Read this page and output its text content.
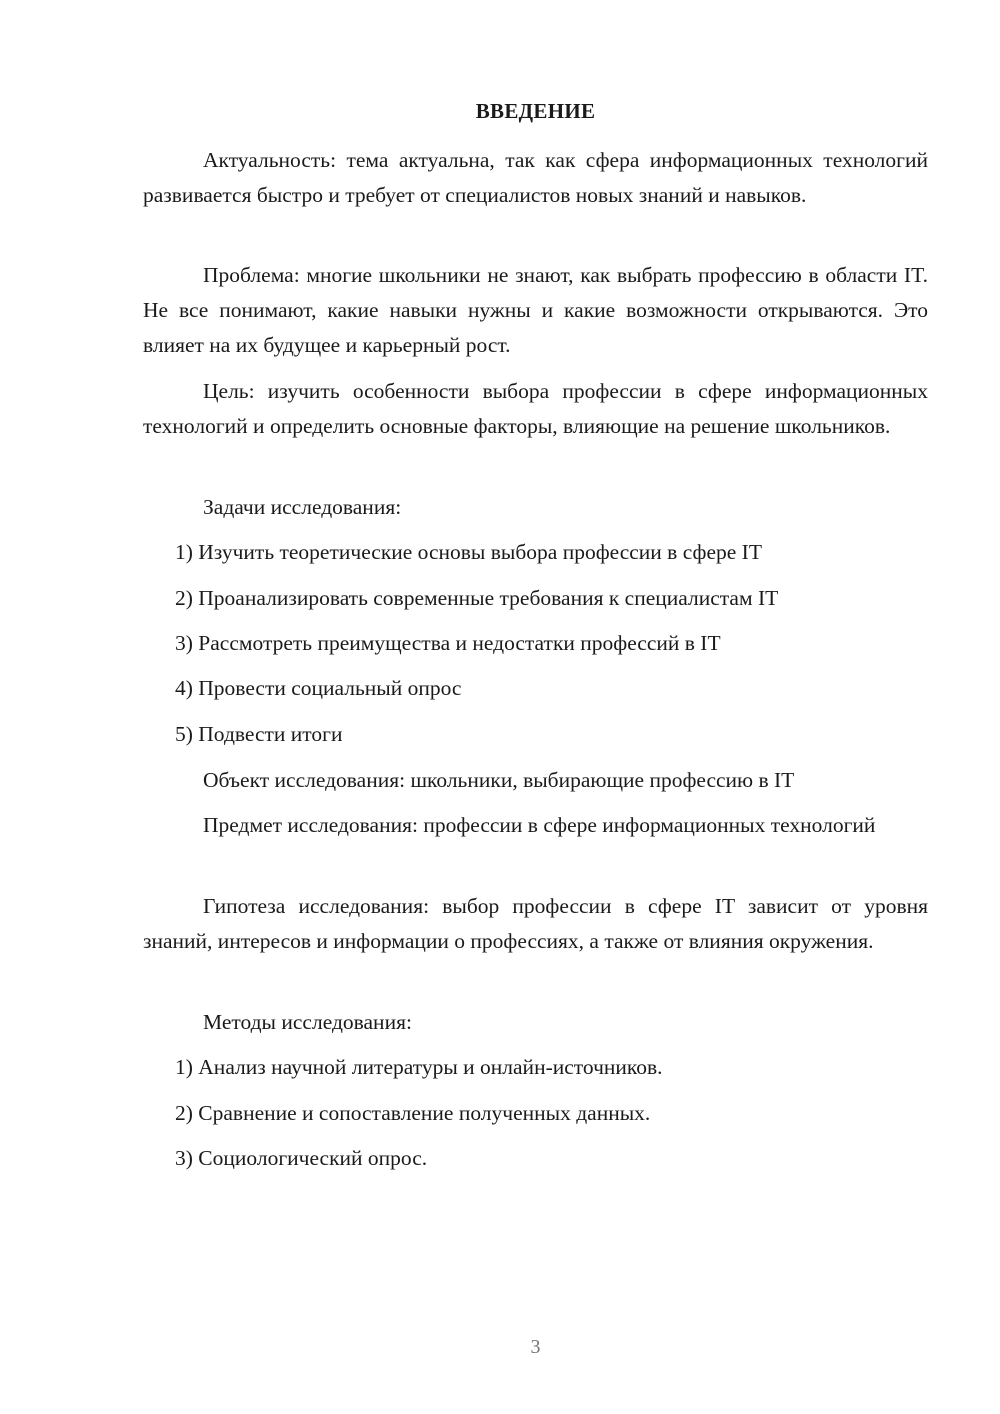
ВВЕДЕНИЕ

Актуальность: тема актуальна, так как сфера информационных технологий развивается быстро и требует от специалистов новых знаний и навыков.

Проблема: многие школьники не знают, как выбрать профессию в области IT. Не все понимают, какие навыки нужны и какие возможности открываются. Это влияет на их будущее и карьерный рост.

Цель: изучить особенности выбора профессии в сфере информационных технологий и определить основные факторы, влияющие на решение школьников.

Задачи исследования:

1) Изучить теоретические основы выбора профессии в сфере IT

2) Проанализировать современные требования к специалистам IT

3) Рассмотреть преимущества и недостатки профессий в IT

4) Провести социальный опрос

5) Подвести итоги

Объект исследования: школьники, выбирающие профессию в IT

Предмет исследования: профессии в сфере информационных технологий

Гипотеза исследования: выбор профессии в сфере IT зависит от уровня знаний, интересов и информации о профессиях, а также от влияния окружения.

Методы исследования:

1) Анализ научной литературы и онлайн-источников.

2) Сравнение и сопоставление полученных данных.

3) Социологический опрос.

3
